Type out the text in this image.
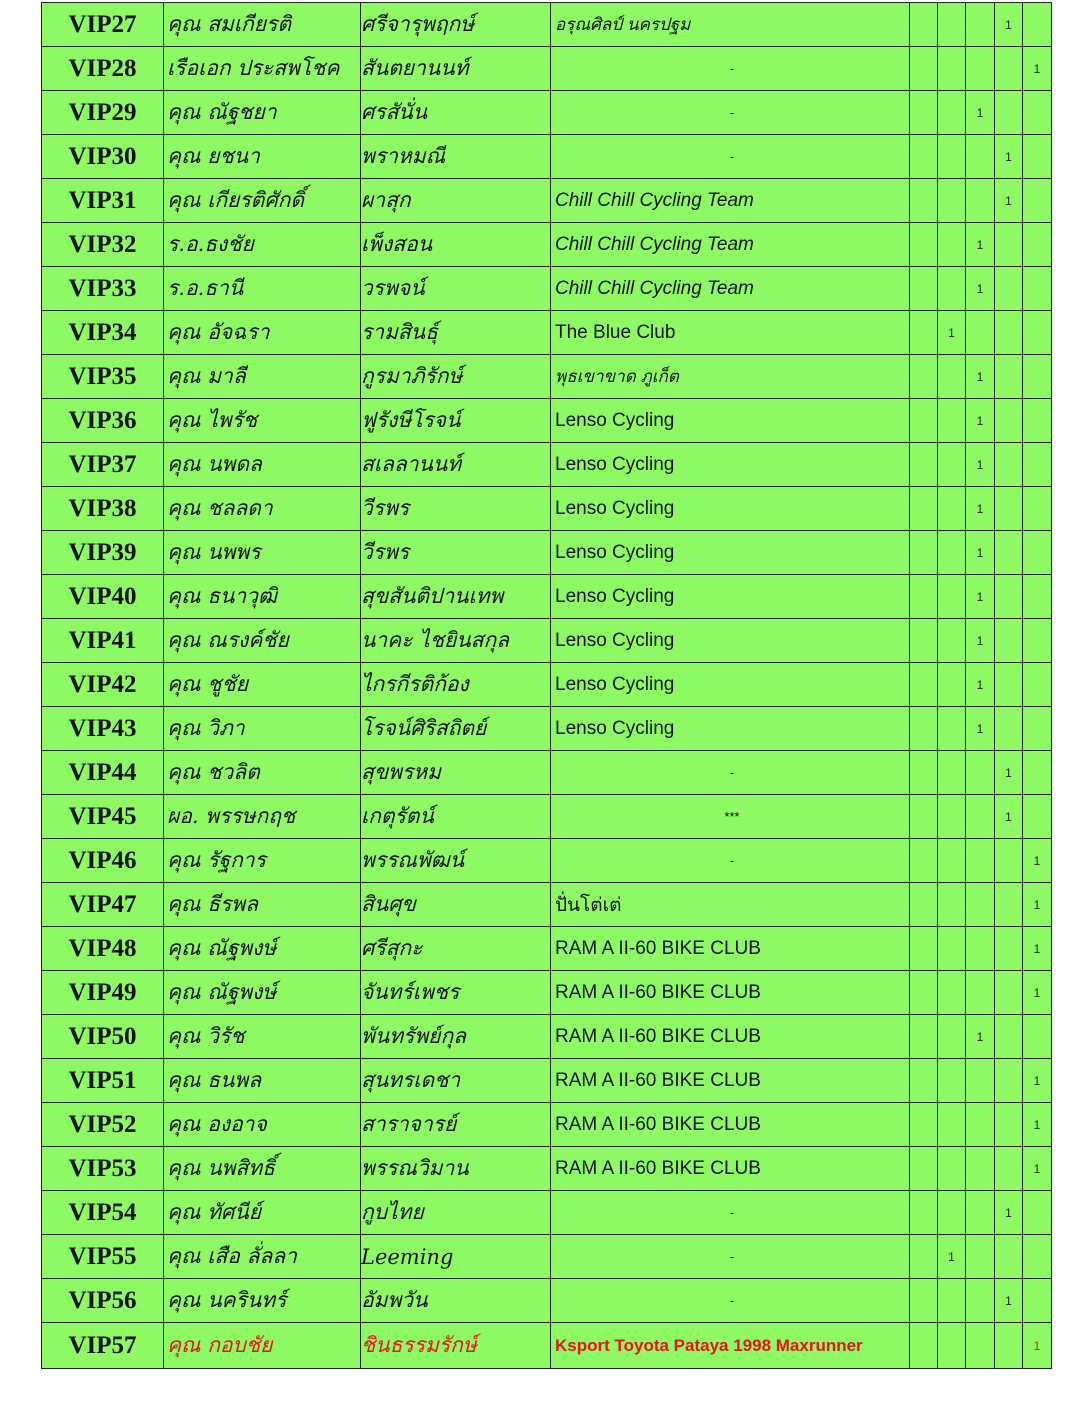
VIP27	คุณ สมเกียรติ	ศรีจารุพฤกษ์	อรุณศิลป์ นครปฐม				1	
VIP28	เรือเอก ประสพโชค	สันตยานนท์	-					1
VIP29	คุณ ณัฐชยา	ศรสันั่น	-			1		
VIP30	คุณ ยชนา	พราหมณี	-				1	
VIP31	คุณ เกียรติศักดิ์	ผาสุก	Chill Chill Cycling Team				1	
VIP32	ร.อ.ธงชัย	เพ็งสอน	Chill Chill Cycling Team			1		
VIP33	ร.อ.ธานี	วรพจน์	Chill Chill Cycling Team			1		
VIP34	คุณ อัจฉรา	รามสินธุ์	The Blue Club		1			
VIP35	คุณ มาลี	กูรมาภิรักษ์	พุธเขาขาด ภูเก็ต			1		
VIP36	คุณ ไพรัช	ฟูรังษีโรจน์	Lenso Cycling			1		
VIP37	คุณ นพดล	สเลลานนท์	Lenso Cycling			1		
VIP38	คุณ ชลลดา	วีรพร	Lenso Cycling			1		
VIP39	คุณ นพพร	วีรพร	Lenso Cycling			1		
VIP40	คุณ ธนาวุฒิ	สุขสันติปานเทพ	Lenso Cycling			1		
VIP41	คุณ ณรงค์ชัย	นาคะ ไชยินสกุล	Lenso Cycling			1		
VIP42	คุณ ชูชัย	ไกรกีรติก้อง	Lenso Cycling			1		
VIP43	คุณ วิภา	โรจน์ศิริสถิตย์	Lenso Cycling			1		
VIP44	คุณ ชวลิต	สุขพรหม	-				1	
VIP45	ผอ. พรรษกฤช	เกตุรัตน์	***				1	
VIP46	คุณ รัฐการ	พรรณพัฒน์	-					1
VIP47	คุณ ธีรพล	สินศุข	ปั่นโต่เต่					1
VIP48	คุณ ณัฐพงษ์	ศรีสุกะ	RAM A II-60 BIKE CLUB					1
VIP49	คุณ ณัฐพงษ์	จันทร์เพชร	RAM A II-60 BIKE CLUB					1
VIP50	คุณ วิรัช	พันทรัพย์กุล	RAM A II-60 BIKE CLUB			1		
VIP51	คุณ ธนพล	สุนทรเดชา	RAM A II-60 BIKE CLUB					1
VIP52	คุณ องอาจ	สาราจารย์	RAM A II-60 BIKE CLUB					1
VIP53	คุณ นพสิทธิ์	พรรณวิมาน	RAM A II-60 BIKE CLUB					1
VIP54	คุณ ทัศนีย์	กูบไทย	-				1	
VIP55	คุณ เสือ ลั่ลลา	Leeming	-		1			
VIP56	คุณ นครินทร์	อัมพวัน	-				1	
VIP57	คุณ กอบชัย	ชินธรรมรักษ์	Ksport Toyota Pataya 1998 Maxrunner					1
